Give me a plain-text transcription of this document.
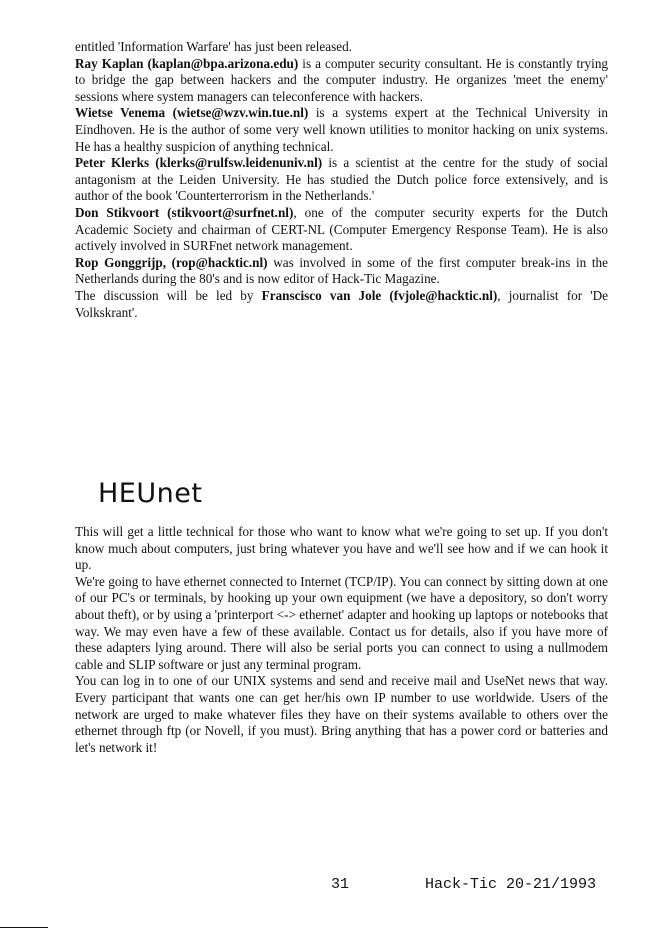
entitled 'Information Warfare' has just been released.

Ray Kaplan (kaplan@bpa.arizona.edu) is a computer security consultant. He is constantly trying to bridge the gap between hackers and the computer industry. He organizes 'meet the enemy' sessions where system managers can teleconference with hackers.

Wietse Venema (wietse@wzv.win.tue.nl) is a systems expert at the Technical University in Eindhoven. He is the author of some very well known utilities to monitor hacking on unix systems. He has a healthy suspicion of anything technical.

Peter Klerks (klerks@rulfsw.leidenuniv.nl) is a scientist at the centre for the study of social antagonism at the Leiden University. He has studied the Dutch police force extensively, and is author of the book 'Counterterrorism in the Netherlands.'

Don Stikvoort (stikvoort@surfnet.nl), one of the computer security experts for the Dutch Academic Society and chairman of CERT-NL (Computer Emergency Response Team). He is also actively involved in SURFnet network management.

Rop Gonggrijp, (rop@hacktic.nl) was involved in some of the first computer break-ins in the Netherlands during the 80's and is now editor of Hack-Tic Magazine.

The discussion will be led by Franscisco van Jole (fvjole@hacktic.nl), journalist for 'De Volkskrant'.

HEUnet

This will get a little technical for those who want to know what we're going to set up. If you don't know much about computers, just bring whatever you have and we'll see how and if we can hook it up.

We're going to have ethernet connected to Internet (TCP/IP). You can connect by sitting down at one of our PC's or terminals, by hooking up your own equipment (we have a depository, so don't worry about theft), or by using a 'printerport <-> ethernet' adapter and hooking up laptops or notebooks that way. We may even have a few of these available. Contact us for details, also if you have more of these adapters lying around. There will also be serial ports you can connect to using a nullmodem cable and SLIP software or just any terminal program.

You can log in to one of our UNIX systems and send and receive mail and UseNet news that way. Every participant that wants one can get her/his own IP number to use worldwide. Users of the network are urged to make whatever files they have on their systems available to others over the ethernet through ftp (or Novell, if you must). Bring anything that has a power cord or batteries and let's network it!

31	Hack-Tic 20-21/1993
